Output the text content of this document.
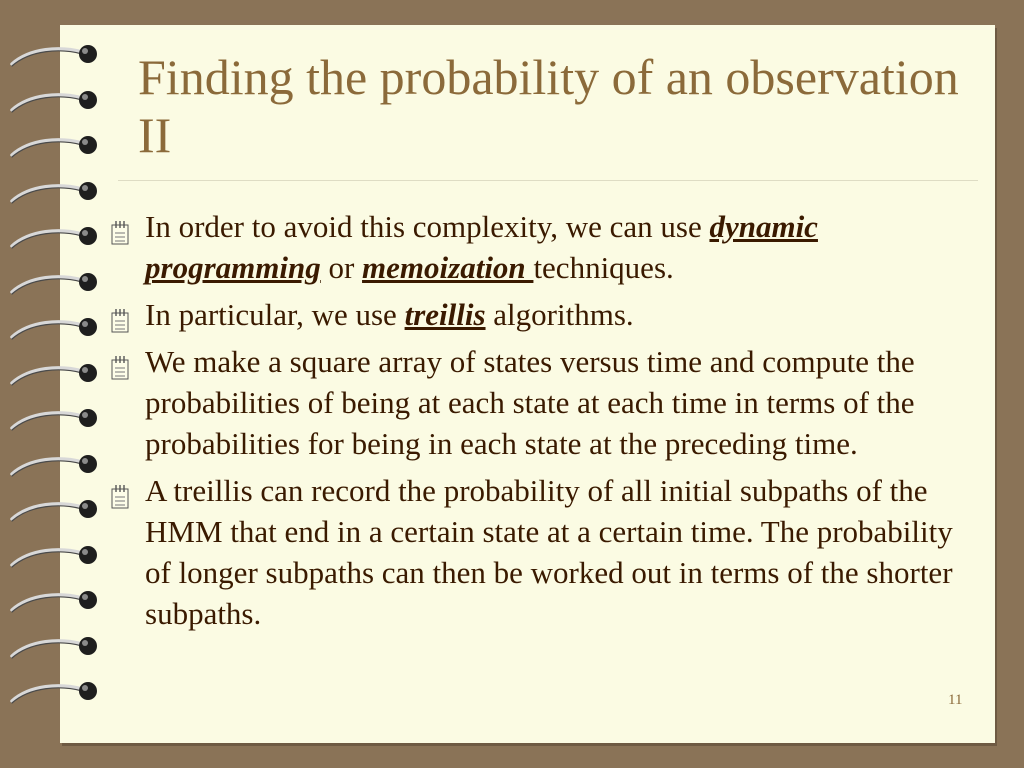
Finding the probability of an observation II
In order to avoid this complexity, we can use dynamic programming or memoization techniques.
In particular, we use treillis algorithms.
We make a square array of states versus time and compute the probabilities of being at each state at each time in terms of the probabilities for being in each state at the preceding time.
A treillis can record the probability of all initial subpaths of the HMM that end in a certain state at a certain time. The probability of longer subpaths can then be worked out in terms of the shorter subpaths.
11
